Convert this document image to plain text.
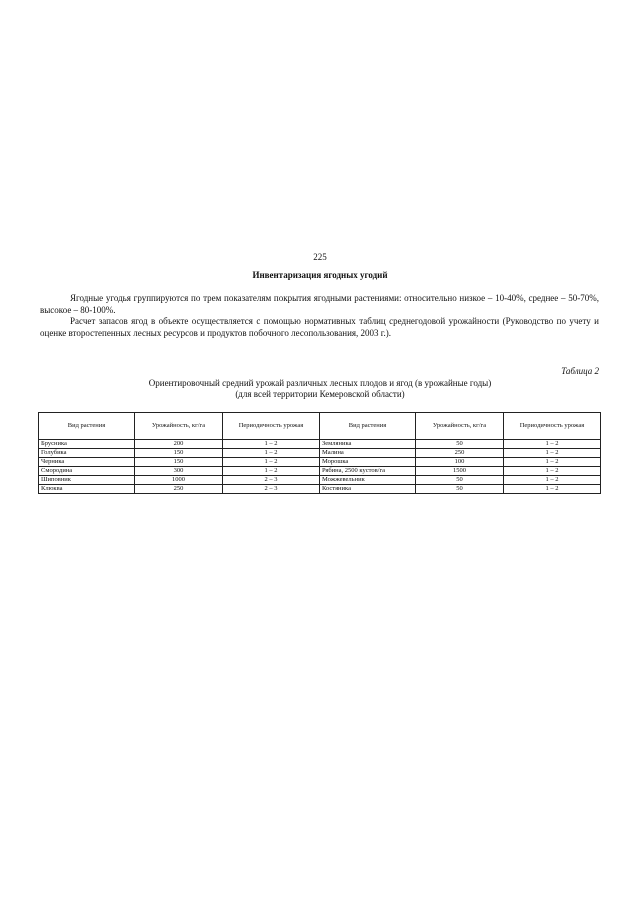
225
Инвентаризация ягодных угодий
Ягодные угодья группируются по трем показателям покрытия ягодными растениями: относительно низкое – 10-40%, среднее – 50-70%, высокое – 80-100%.
Расчет запасов ягод в объекте осуществляется с помощью нормативных таблиц среднегодовой урожайности (Руководство по учету и оценке второстепенных лесных ресурсов и продуктов побочного лесопользования, 2003 г.).
Таблица 2
Ориентировочный средний урожай различных лесных плодов и ягод (в урожайные годы)
(для всей территории Кемеровской области)
Вид растения	Урожайность, кг/га	Периодичность урожая	Вид растения	Урожайность, кг/га	Периодичность урожая
Брусника	200	1 – 2	Земляника	50	1 – 2
Голубика	150	1 – 2	Малина	250	1 – 2
Черника	150	1 – 2	Морошка	100	1 – 2
Смородина	300	1 – 2	Рябина, 2500 кустов/га	1500	1 – 2
Шиповник	1000	2 – 3	Можжевельник	50	1 – 2
Клюква	250	2 – 3	Костяника	50	1 – 2
